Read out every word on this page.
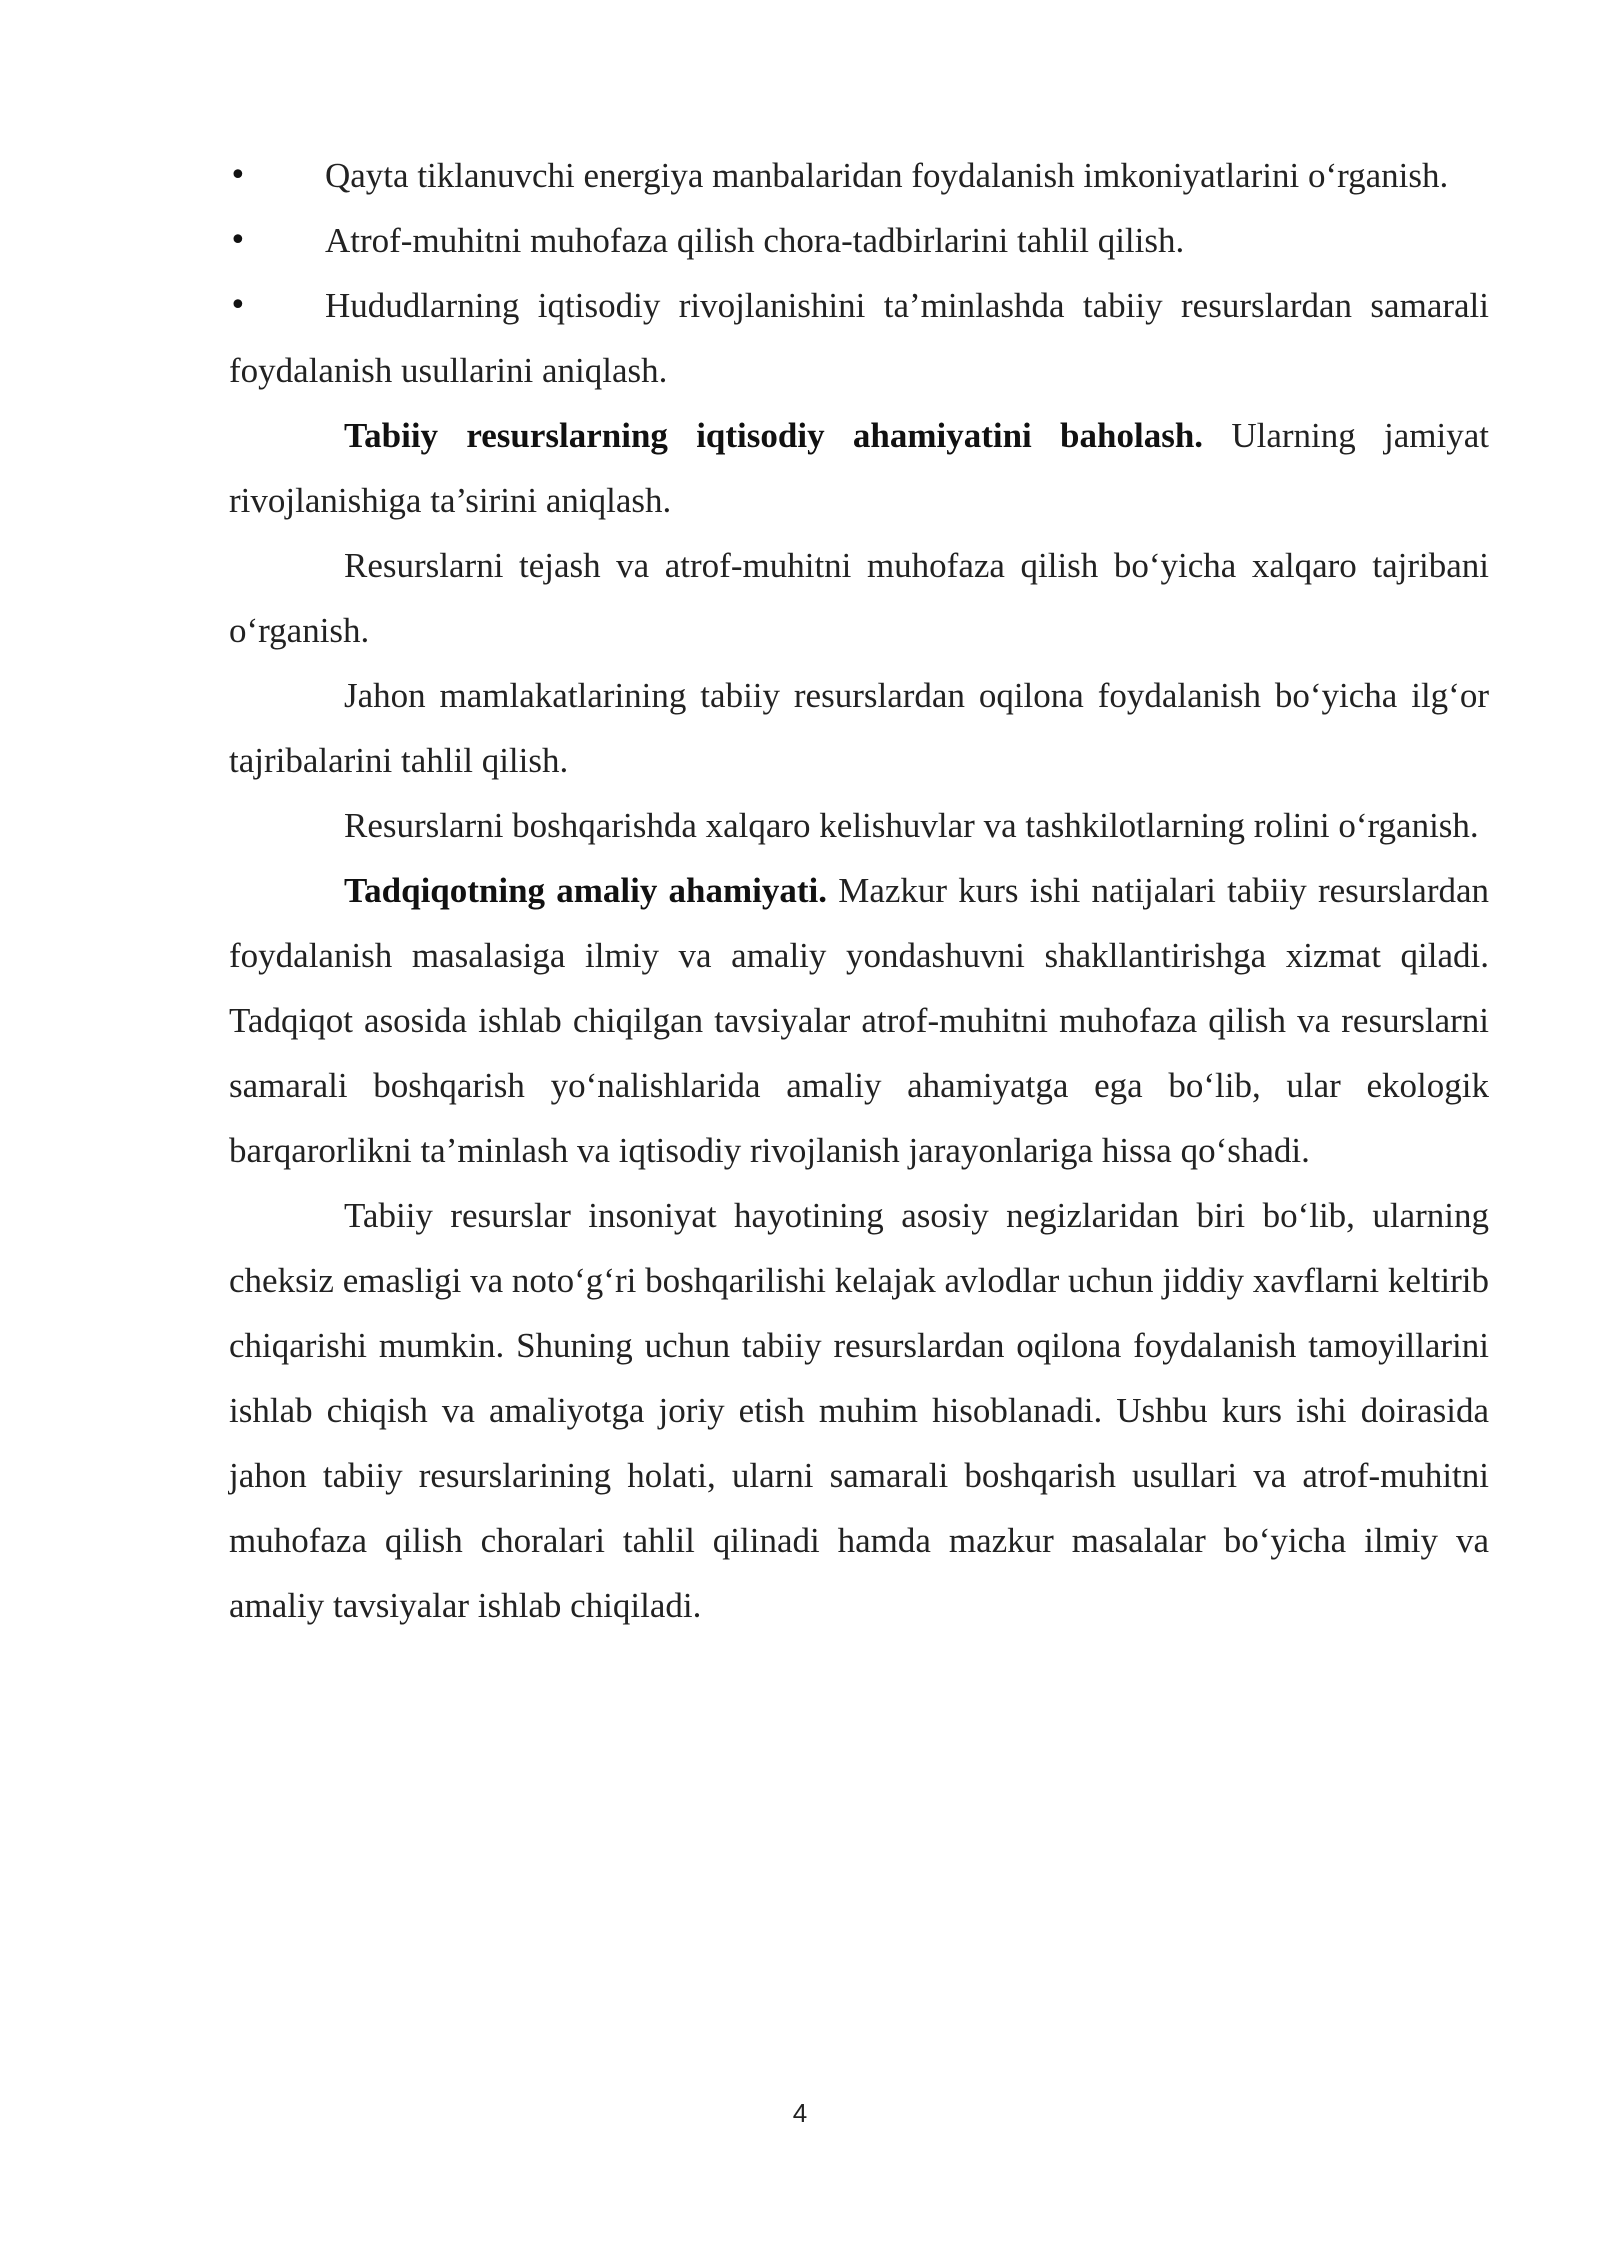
• Qayta tiklanuvchi energiya manbalaridan foydalanish imkoniyatlarini o‘rganish.

• Atrof-muhitni muhofaza qilish chora-tadbirlarini tahlil qilish.

• Hududlarning iqtisodiy rivojlanishini ta’minlashda tabiiy resurslardan samarali foydalanish usullarini aniqlash.

Tabiiy resurslarning iqtisodiy ahamiyatini baholash. Ularning jamiyat rivojlanishiga ta’sirini aniqlash.

Resurslarni tejash va atrof-muhitni muhofaza qilish bo‘yicha xalqaro tajribani o‘rganish.

Jahon mamlakatlarining tabiiy resurslardan oqilona foydalanish bo‘yicha ilg‘or tajribalarini tahlil qilish.

Resurslarni boshqarishda xalqaro kelishuvlar va tashkilotlarning rolini o‘rganish.

Tadqiqotning amaliy ahamiyati. Mazkur kurs ishi natijalari tabiiy resurslardan foydalanish masalasiga ilmiy va amaliy yondashuvni shakllantirishga xizmat qiladi. Tadqiqot asosida ishlab chiqilgan tavsiyalar atrof-muhitni muhofaza qilish va resurslarni samarali boshqarish yo‘nalishlarida amaliy ahamiyatga ega bo‘lib, ular ekologik barqarorlikni ta’minlash va iqtisodiy rivojlanish jarayonlariga hissa qo‘shadi.

Tabiiy resurslar insoniyat hayotining asosiy negizlaridan biri bo‘lib, ularning cheksiz emasligi va noto‘g‘ri boshqarilishi kelajak avlodlar uchun jiddiy xavflarni keltirib chiqarishi mumkin. Shuning uchun tabiiy resurslardan oqilona foydalanish tamoyillarini ishlab chiqish va amaliyotga joriy etish muhim hisoblanadi. Ushbu kurs ishi doirasida jahon tabiiy resurslarining holati, ularni samarali boshqarish usullari va atrof-muhitni muhofaza qilish choralari tahlil qilinadi hamda mazkur masalalar bo‘yicha ilmiy va amaliy tavsiyalar ishlab chiqiladi.

4
